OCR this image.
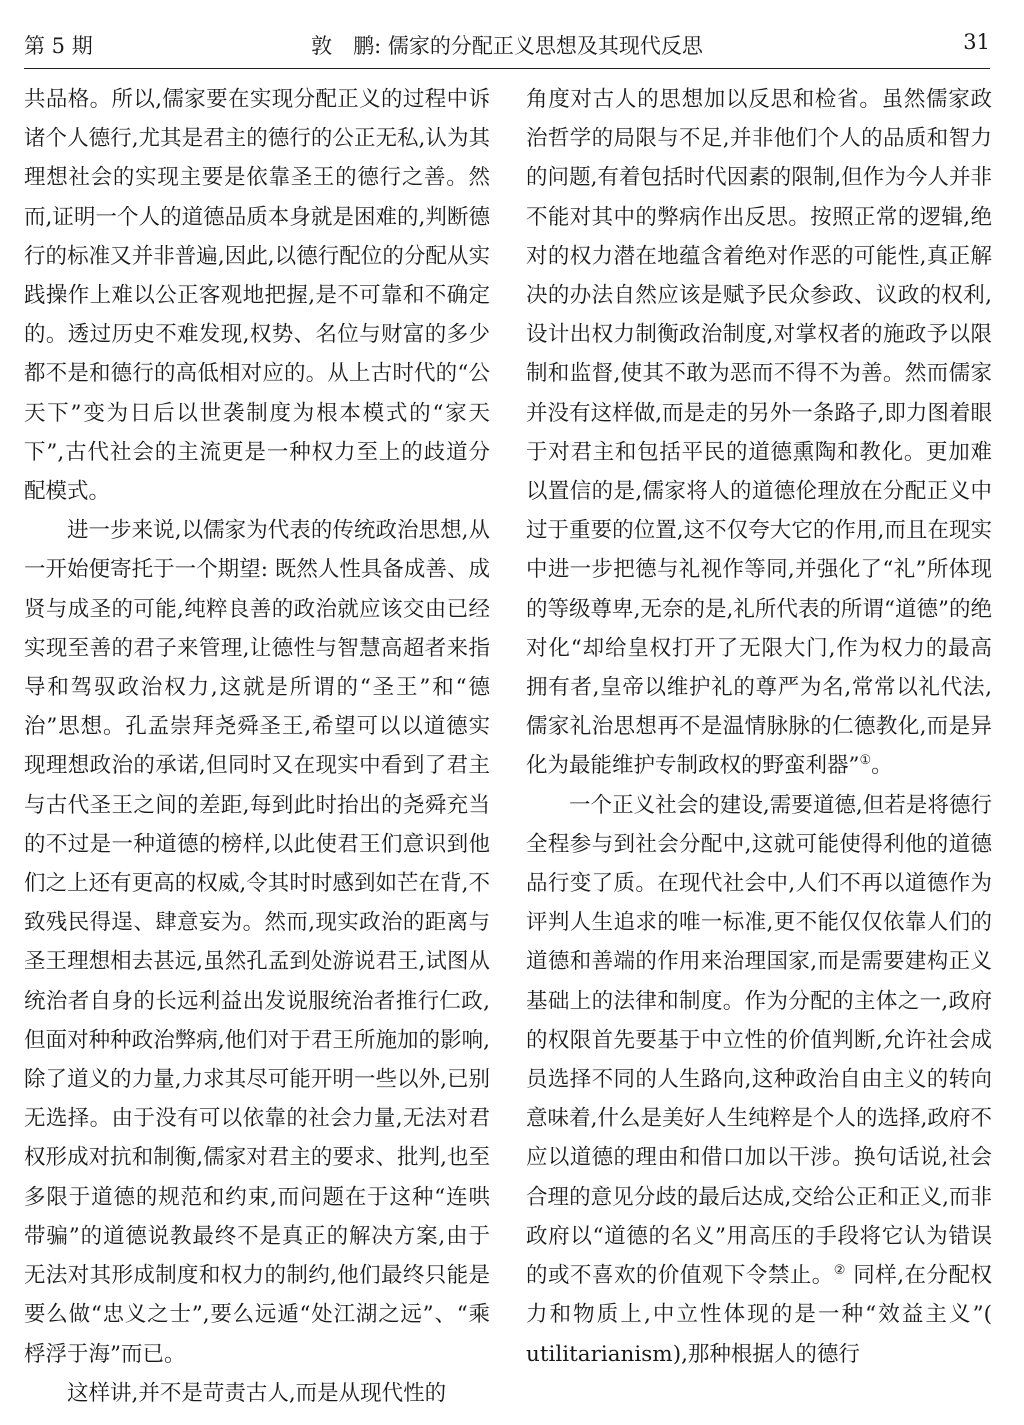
第 5 期	敦　鹏: 儒家的分配正义思想及其现代反思	31

共品格。所以,儒家要在实现分配正义的过程中诉诸个人德行,尤其是君主的德行的公正无私,认为其理想社会的实现主要是依靠圣王的德行之善。然而,证明一个人的道德品质本身就是困难的,判断德行的标准又并非普遍,因此,以德行配位的分配从实践操作上难以公正客观地把握,是不可靠和不确定的。透过历史不难发现,权势、名位与财富的多少都不是和德行的高低相对应的。从上古时代的“公天下”变为日后以世袭制度为根本模式的“家天下”,古代社会的主流更是一种权力至上的歧道分配模式。

进一步来说,以儒家为代表的传统政治思想,从一开始便寄托于一个期望: 既然人性具备成善、成贤与成圣的可能,纯粹良善的政治就应该交由已经实现至善的君子来管理,让德性与智慧高超者来指导和驾驭政治权力,这就是所谓的“圣王”和“德治”思想。孔孟崇拜尧舜圣王,希望可以以道德实现理想政治的承诺,但同时又在现实中看到了君主与古代圣王之间的差距,每到此时抬出的尧舜充当的不过是一种道德的榜样,以此使君王们意识到他们之上还有更高的权威,令其时时感到如芒在背,不致残民得逞、肆意妄为。然而,现实政治的距离与圣王理想相去甚远,虽然孔孟到处游说君王,试图从统治者自身的长远利益出发说服统治者推行仁政,但面对种种政治弊病,他们对于君王所施加的影响,除了道义的力量,力求其尽可能开明一些以外,已别无选择。由于没有可以依靠的社会力量,无法对君权形成对抗和制衡,儒家对君主的要求、批判,也至多限于道德的规范和约束,而问题在于这种“连哄带骗”的道德说教最终不是真正的解决方案,由于无法对其形成制度和权力的制约,他们最终只能是要么做“忠义之士”,要么远遁“处江湖之远”、“乘桴浮于海”而已。

这样讲,并不是苛责古人,而是从现代性的

角度对古人的思想加以反思和检省。虽然儒家政治哲学的局限与不足,并非他们个人的品质和智力的问题,有着包括时代因素的限制,但作为今人并非不能对其中的弊病作出反思。按照正常的逻辑,绝对的权力潜在地蕴含着绝对作恶的可能性,真正解决的办法自然应该是赋予民众参政、议政的权利,设计出权力制衡政治制度,对掌权者的施政予以限制和监督,使其不敢为恶而不得不为善。然而儒家并没有这样做,而是走的另外一条路子,即力图着眼于对君主和包括平民的道德熏陶和教化。更加难以置信的是,儒家将人的道德伦理放在分配正义中过于重要的位置,这不仅夸大它的作用,而且在现实中进一步把德与礼视作等同,并强化了“礼”所体现的等级尊卑,无奈的是,礼所代表的所谓“道德”的绝对化“却给皇权打开了无限大门,作为权力的最高拥有者,皇帝以维护礼的尊严为名,常常以礼代法,儒家礼治思想再不是温情脉脉的仁德教化,而是异化为最能维护专制政权的野蛮利器”①。

一个正义社会的建设,需要道德,但若是将德行全程参与到社会分配中,这就可能使得利他的道德品行变了质。在现代社会中,人们不再以道德作为评判人生追求的唯一标准,更不能仅仅依靠人们的道德和善端的作用来治理国家,而是需要建构正义基础上的法律和制度。作为分配的主体之一,政府的权限首先要基于中立性的价值判断,允许社会成员选择不同的人生路向,这种政治自由主义的转向意味着,什么是美好人生纯粹是个人的选择,政府不应以道德的理由和借口加以干涉。换句话说,社会合理的意见分歧的最后达成,交给公正和正义,而非政府以“道德的名义”用高压的手段将它认为错误的或不喜欢的价值观下令禁止。② 同样,在分配权力和物质上,中立性体现的是一种“效益主义”( utilitarianism),那种根据人的德行
